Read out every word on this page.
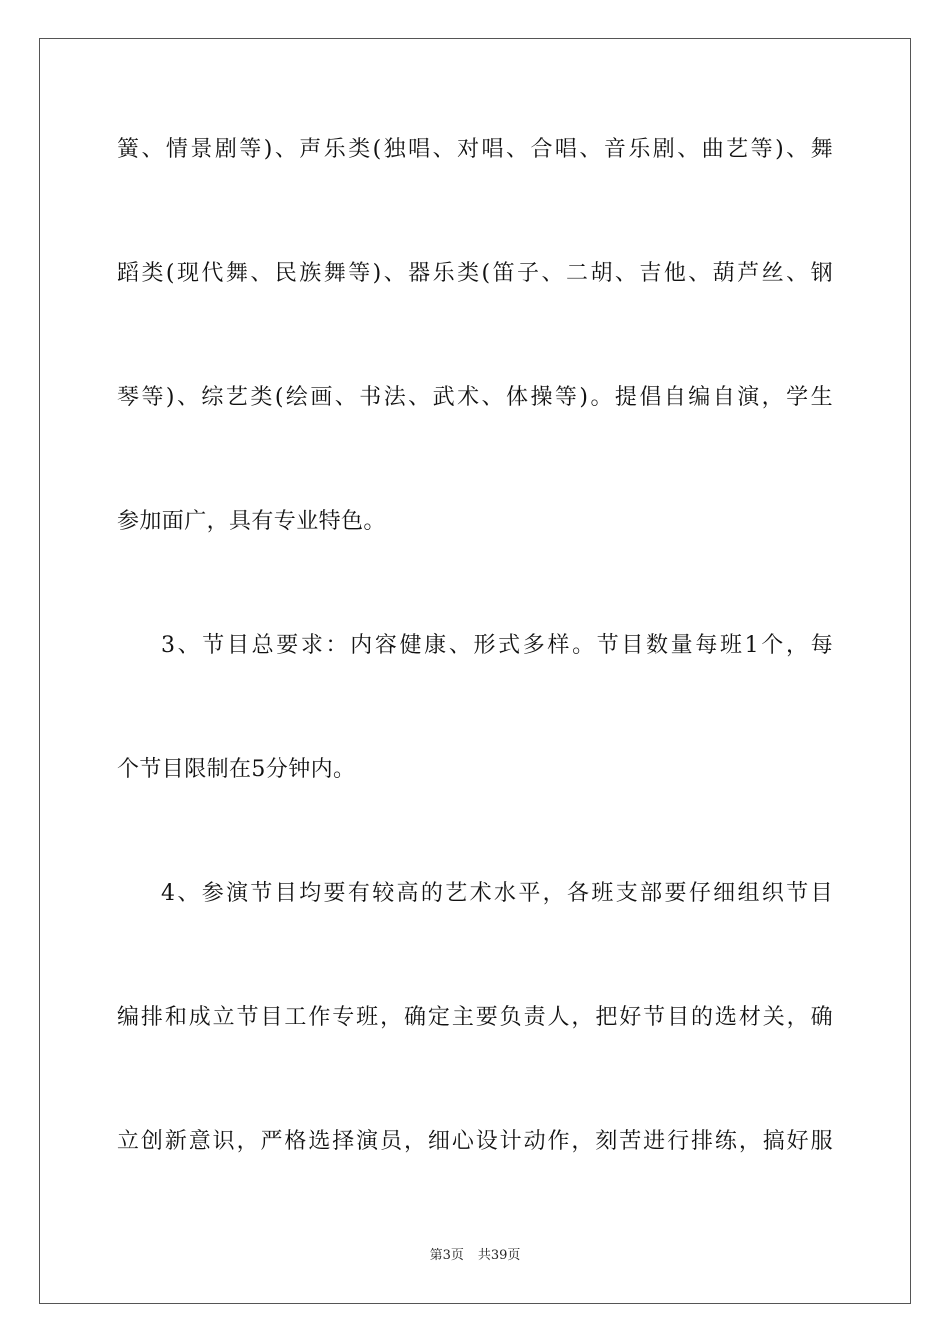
簧、情景剧等)、声乐类(独唱、对唱、合唱、音乐剧、曲艺等)、舞
蹈类(现代舞、民族舞等)、器乐类(笛子、二胡、吉他、葫芦丝、钢
琴等)、综艺类(绘画、书法、武术、体操等)。提倡自编自演，学生
参加面广，具有专业特色。
3、节目总要求：内容健康、形式多样。节目数量每班1个，每
个节目限制在5分钟内。
4、参演节目均要有较高的艺术水平，各班支部要仔细组织节目
编排和成立节目工作专班，确定主要负责人，把好节目的选材关，确
立创新意识，严格选择演员，细心设计动作，刻苦进行排练，搞好服
第3页 共39页
